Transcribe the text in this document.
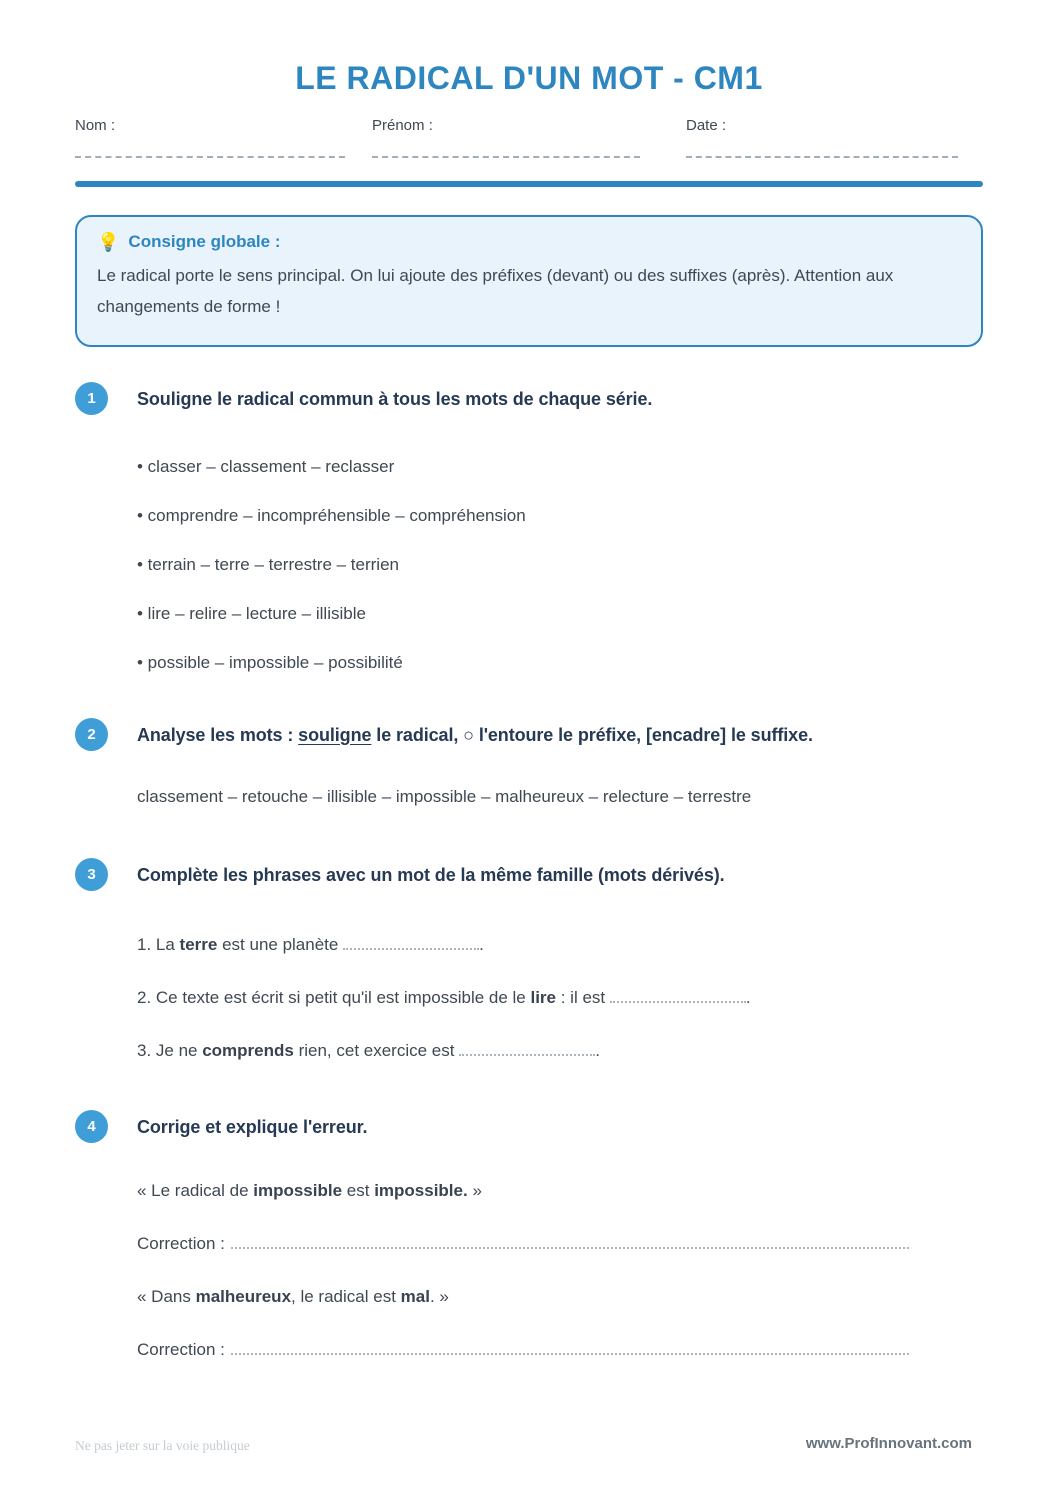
LE RADICAL D'UN MOT - CM1
Nom :	Prénom :	Date :
💡 Consigne globale :
Le radical porte le sens principal. On lui ajoute des préfixes (devant) ou des suffixes (après). Attention aux changements de forme !
1	Souligne le radical commun à tous les mots de chaque série.
• classer – classement – reclasser
• comprendre – incompréhensible – compréhension
• terrain – terre – terrestre – terrien
• lire – relire – lecture – illisible
• possible – impossible – possibilité
2	Analyse les mots : souligne le radical, ○ l'entoure le préfixe, [encadre] le suffixe.
classement – retouche – illisible – impossible – malheureux – relecture – terrestre
3	Complète les phrases avec un mot de la même famille (mots dérivés).
1. La terre est une planète	.
2. Ce texte est écrit si petit qu'il est impossible de le lire : il est	.
3. Je ne comprends rien, cet exercice est	.
4	Corrige et explique l'erreur.
« Le radical de impossible est impossible. »
Correction :
« Dans malheureux, le radical est mal. »
Correction :
Ne pas jeter sur la voie publique	www.ProfInnovant.com
